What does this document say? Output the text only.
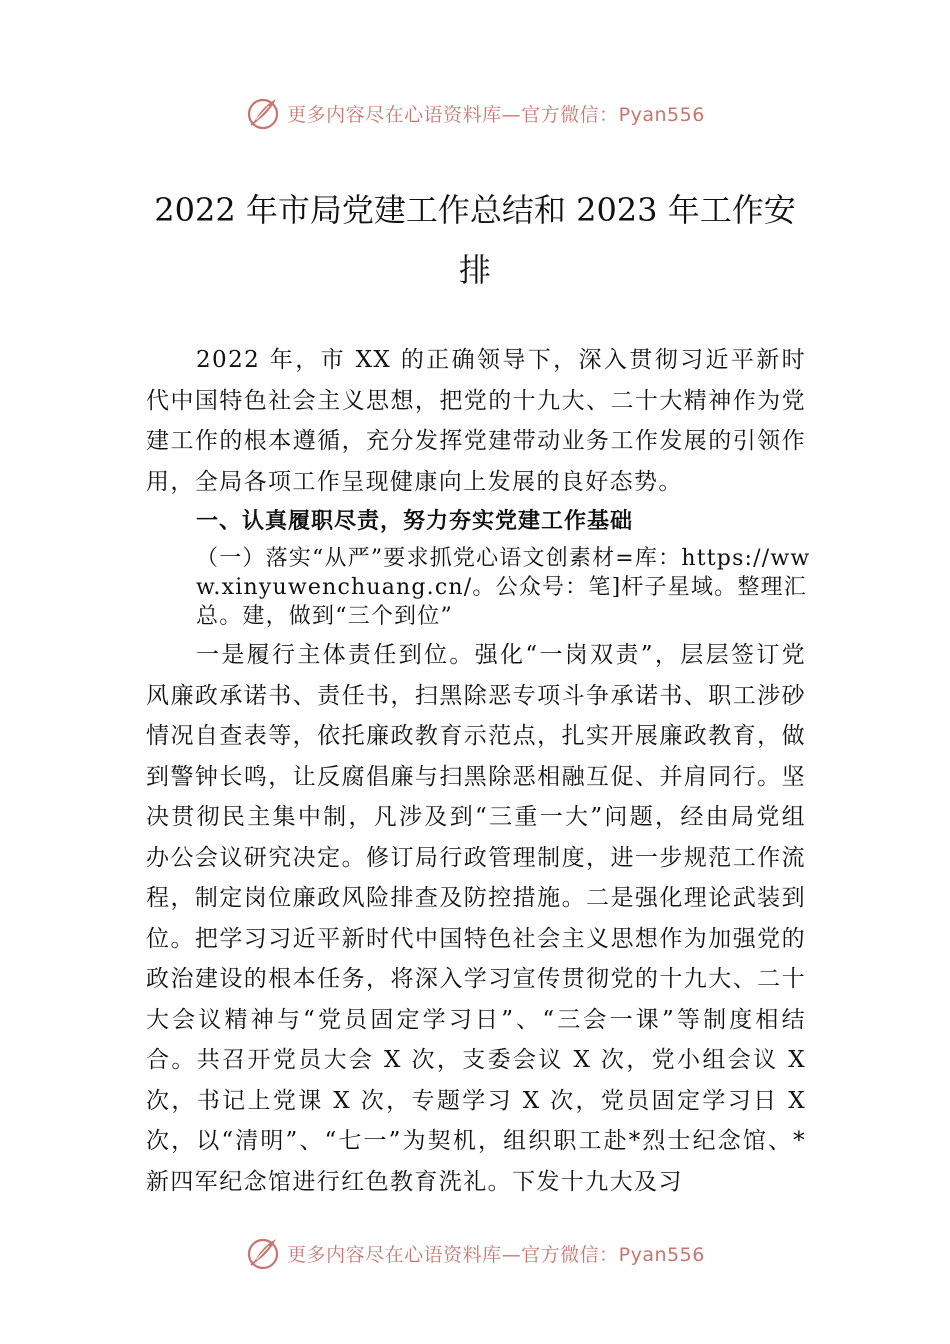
更多内容尽在心语资料库—官方微信：Pyan556
2022 年市局党建工作总结和 2023 年工作安排

2022 年，市 XX 的正确领导下，深入贯彻习近平新时代中国特色社会主义思想，把党的十九大、二十大精神作为党建工作的根本遵循，充分发挥党建带动业务工作发展的引领作用，全局各项工作呈现健康向上发展的良好态势。

一、认真履职尽责，努力夯实党建工作基础

（一）落实“从严”要求抓党心语文创素材=库：https://www.xinyuwenchuang.cn/。公众号：笔]杆子星域。整理汇总。建，做到“三个到位”

一是履行主体责任到位。强化“一岗双责”，层层签订党风廉政承诺书、责任书，扫黑除恶专项斗争承诺书、职工涉砂情况自查表等，依托廉政教育示范点，扎实开展廉政教育，做到警钟长鸣，让反腐倡廉与扫黑除恶相融互促、并肩同行。坚决贯彻民主集中制，凡涉及到“三重一大”问题，经由局党组办公会议研究决定。修订局行政管理制度，进一步规范工作流程，制定岗位廉政风险排查及防控措施。二是强化理论武装到位。把学习习近平新时代中国特色社会主义思想作为加强党的政治建设的根本任务，将深入学习宣传贯彻党的十九大、二十大会议精神与“党员固定学习日”、“三会一课”等制度相结合。共召开党员大会 X 次，支委会议 X 次，党小组会议 X 次，书记上党课 X 次，专题学习 X 次，党员固定学习日 X 次，以“清明”、“七一”为契机，组织职工赴*烈士纪念馆、*新四军纪念馆进行红色教育洗礼。下发十九大及习

更多内容尽在心语资料库—官方微信：Pyan556
